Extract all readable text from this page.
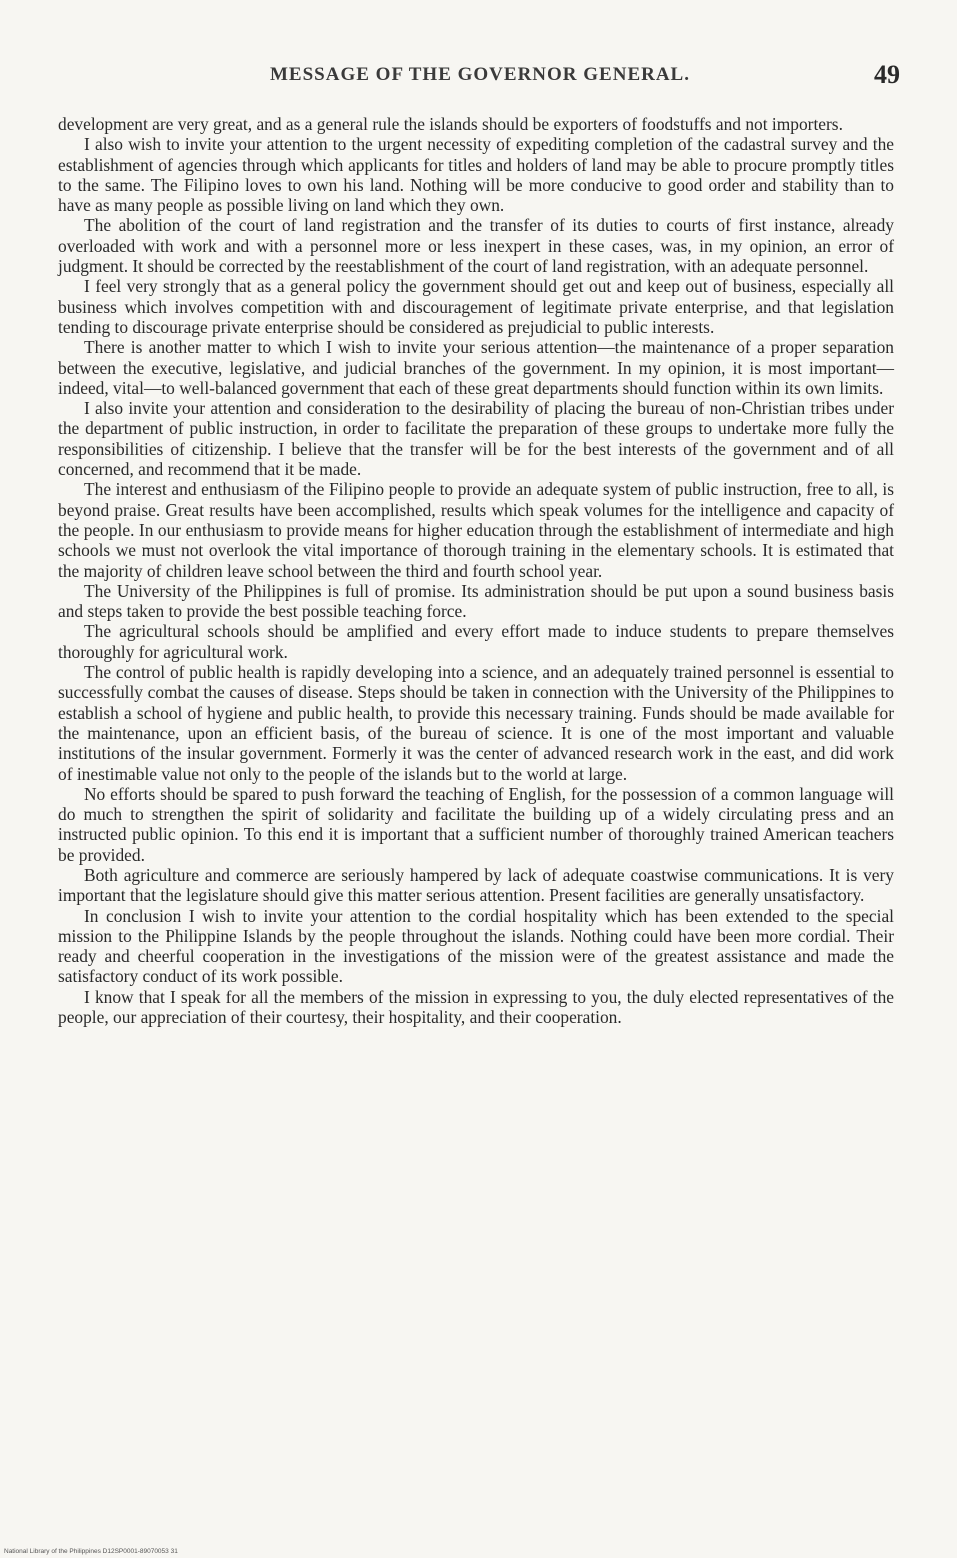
MESSAGE OF THE GOVERNOR GENERAL.	49

development are very great, and as a general rule the islands should be exporters of foodstuffs and not importers.

I also wish to invite your attention to the urgent necessity of expediting completion of the cadastral survey and the establishment of agencies through which applicants for titles and holders of land may be able to procure promptly titles to the same. The Filipino loves to own his land. Nothing will be more conducive to good order and stability than to have as many people as possible living on land which they own.

The abolition of the court of land registration and the transfer of its duties to courts of first instance, already overloaded with work and with a personnel more or less inexpert in these cases, was, in my opinion, an error of judgment. It should be corrected by the reestablishment of the court of land registration, with an adequate personnel.

I feel very strongly that as a general policy the government should get out and keep out of business, especially all business which involves competition with and discouragement of legitimate private enterprise, and that legislation tending to discourage private enterprise should be considered as prejudicial to public interests.

There is another matter to which I wish to invite your serious attention—the maintenance of a proper separation between the executive, legislative, and judicial branches of the government. In my opinion, it is most important—indeed, vital—to well-balanced government that each of these great departments should function within its own limits.

I also invite your attention and consideration to the desirability of placing the bureau of non-Christian tribes under the department of public instruction, in order to facilitate the preparation of these groups to undertake more fully the responsibilities of citizenship. I believe that the transfer will be for the best interests of the government and of all concerned, and recommend that it be made.

The interest and enthusiasm of the Filipino people to provide an adequate system of public instruction, free to all, is beyond praise. Great results have been accomplished, results which speak volumes for the intelligence and capacity of the people. In our enthusiasm to provide means for higher education through the establishment of intermediate and high schools we must not overlook the vital importance of thorough training in the elementary schools. It is estimated that the majority of children leave school between the third and fourth school year.

The University of the Philippines is full of promise. Its administration should be put upon a sound business basis and steps taken to provide the best possible teaching force.

The agricultural schools should be amplified and every effort made to induce students to prepare themselves thoroughly for agricultural work.

The control of public health is rapidly developing into a science, and an adequately trained personnel is essential to successfully combat the causes of disease. Steps should be taken in connection with the University of the Philippines to establish a school of hygiene and public health, to provide this necessary training. Funds should be made available for the maintenance, upon an efficient basis, of the bureau of science. It is one of the most important and valuable institutions of the insular government. Formerly it was the center of advanced research work in the east, and did work of inestimable value not only to the people of the islands but to the world at large.

No efforts should be spared to push forward the teaching of English, for the possession of a common language will do much to strengthen the spirit of solidarity and facilitate the building up of a widely circulating press and an instructed public opinion. To this end it is important that a sufficient number of thoroughly trained American teachers be provided.

Both agriculture and commerce are seriously hampered by lack of adequate coastwise communications. It is very important that the legislature should give this matter serious attention. Present facilities are generally unsatisfactory.

In conclusion I wish to invite your attention to the cordial hospitality which has been extended to the special mission to the Philippine Islands by the people throughout the islands. Nothing could have been more cordial. Their ready and cheerful cooperation in the investigations of the mission were of the greatest assistance and made the satisfactory conduct of its work possible.

I know that I speak for all the members of the mission in expressing to you, the duly elected representatives of the people, our appreciation of their courtesy, their hospitality, and their cooperation.

National Library of the Philippines D12SP0001-89070053 31
